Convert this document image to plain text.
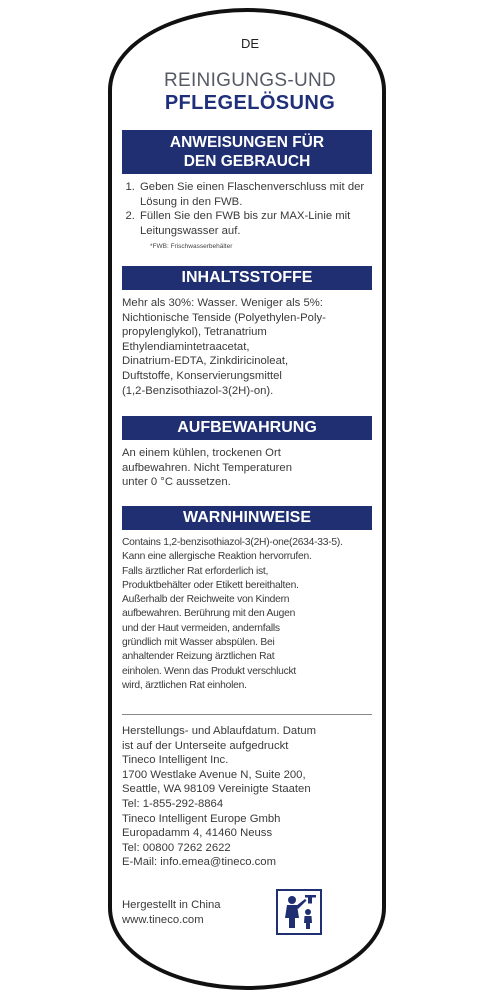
DE
REINIGUNGS-UND
PFLEGELÖSUNG
ANWEISUNGEN FÜR
DEN GEBRAUCH
1. Geben Sie einen Flaschenverschluss mit der Lösung in den FWB.
2. Füllen Sie den FWB bis zur MAX-Linie mit Leitungswasser auf.
*FWB: Frischwasserbehälter
INHALTSSTOFFE
Mehr als 30%: Wasser. Weniger als 5%:
Nichtionische Tenside (Polyethylen-Poly-
propylenglykol), Tetranatrium
Ethylendiamintetraacetat,
Dinatrium-EDTA, Zinkdiricinoleat,
Duftstoffe, Konservierungsmittel
(1,2-Benzisothiazol-3(2H)-on).
AUFBEWAHRUNG
An einem kühlen, trockenen Ort
aufbewahren. Nicht Temperaturen
unter 0 °C aussetzen.
WARNHINWEISE
Contains 1,2-benzisothiazol-3(2H)-one(2634-33-5).
Kann eine allergische Reaktion hervorrufen.
Falls ärztlicher Rat erforderlich ist,
Produktbehälter oder Etikett bereithalten.
Außerhalb der Reichweite von Kindern
aufbewahren. Berührung mit den Augen
und der Haut vermeiden, andernfalls
gründlich mit Wasser abspülen. Bei
anhaltender Reizung ärztlichen Rat
einholen. Wenn das Produkt verschluckt
wird, ärztlichen Rat einholen.
Herstellungs- und Ablaufdatum. Datum
ist auf der Unterseite aufgedruckt
Tineco Intelligent Inc.
1700 Westlake Avenue N, Suite 200,
Seattle, WA 98109 Vereinigte Staaten
Tel: 1-855-292-8864
Tineco Intelligent Europe Gmbh
Europadamm 4, 41460 Neuss
Tel: 00800 7262 2622
E-Mail: info.emea@tineco.com
Hergestellt in China
www.tineco.com
